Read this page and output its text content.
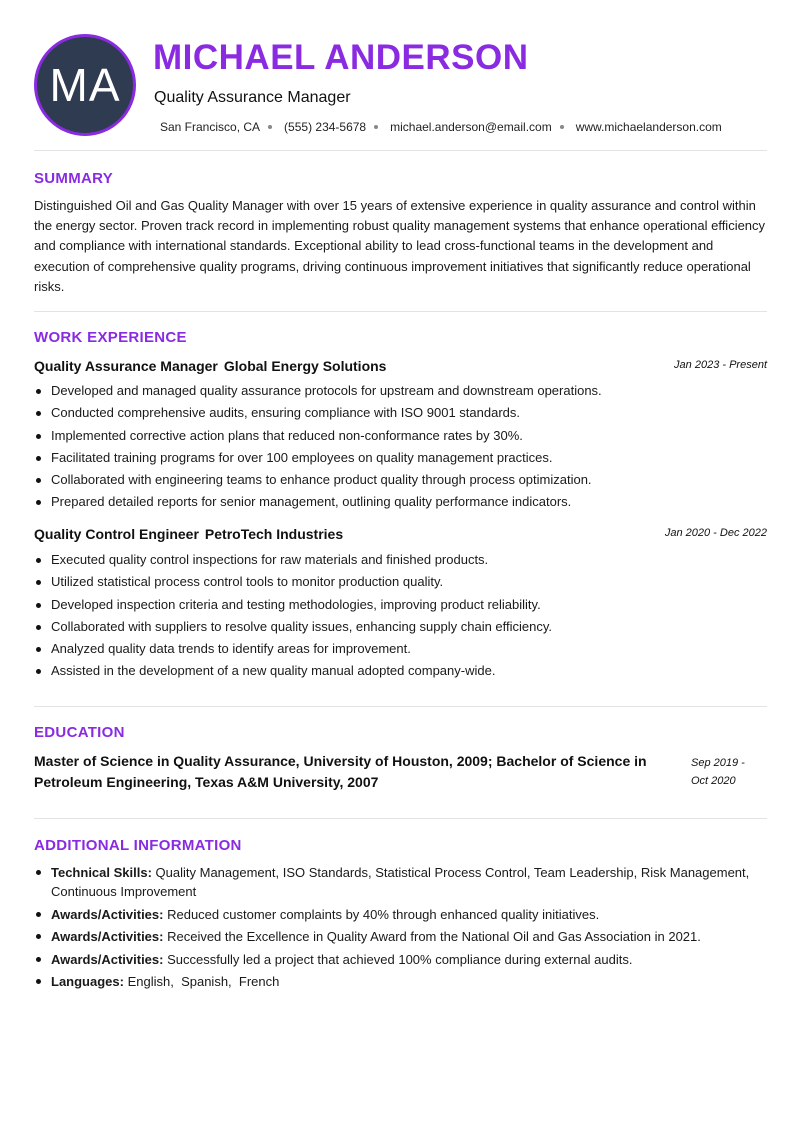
MA
MICHAEL ANDERSON
Quality Assurance Manager
San Francisco, CA (555) 234-5678 michael.anderson@email.com www.michaelanderson.com
SUMMARY
Distinguished Oil and Gas Quality Manager with over 15 years of extensive experience in quality assurance and control within the energy sector. Proven track record in implementing robust quality management systems that enhance operational efficiency and compliance with international standards. Exceptional ability to lead cross-functional teams in the development and execution of comprehensive quality programs, driving continuous improvement initiatives that significantly reduce operational risks.
WORK EXPERIENCE
Quality Assurance Manager Global Energy Solutions	Jan 2023 - Present
Developed and managed quality assurance protocols for upstream and downstream operations.
Conducted comprehensive audits, ensuring compliance with ISO 9001 standards.
Implemented corrective action plans that reduced non-conformance rates by 30%.
Facilitated training programs for over 100 employees on quality management practices.
Collaborated with engineering teams to enhance product quality through process optimization.
Prepared detailed reports for senior management, outlining quality performance indicators.
Quality Control Engineer PetroTech Industries	Jan 2020 - Dec 2022
Executed quality control inspections for raw materials and finished products.
Utilized statistical process control tools to monitor production quality.
Developed inspection criteria and testing methodologies, improving product reliability.
Collaborated with suppliers to resolve quality issues, enhancing supply chain efficiency.
Analyzed quality data trends to identify areas for improvement.
Assisted in the development of a new quality manual adopted company-wide.
EDUCATION
Master of Science in Quality Assurance, University of Houston, 2009; Bachelor of Science in Petroleum Engineering, Texas A&M University, 2007
Sep 2019 -
Oct 2020
ADDITIONAL INFORMATION
Technical Skills: Quality Management, ISO Standards, Statistical Process Control, Team Leadership, Risk Management, Continuous Improvement
Awards/Activities: Reduced customer complaints by 40% through enhanced quality initiatives.
Awards/Activities: Received the Excellence in Quality Award from the National Oil and Gas Association in 2021.
Awards/Activities: Successfully led a project that achieved 100% compliance during external audits.
Languages: English,  Spanish,  French
